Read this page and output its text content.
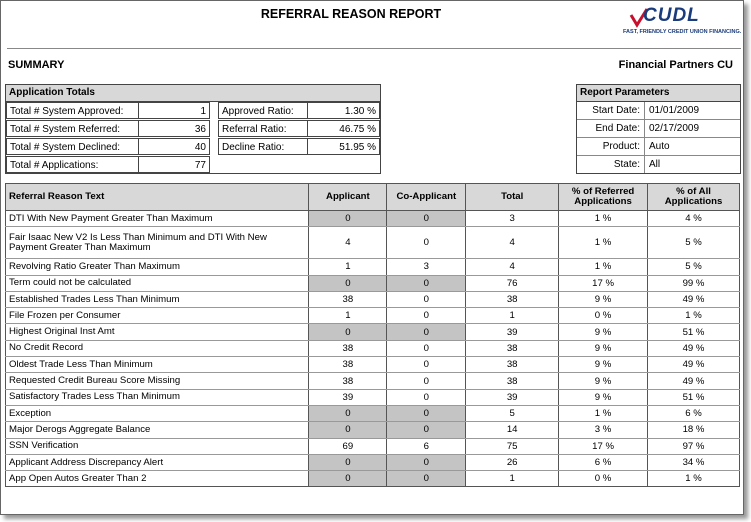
REFERRAL REASON REPORT	CUDL
FAST, FRIENDLY CREDIT UNION FINANCING.
SUMMARY	Financial Partners CU
Application Totals
Total # System Approved:	1
Total # System Referred:	36
Total # System Declined:	40
Total # Applications:	77
Approved Ratio:	1.30 %
Referral Ratio:	46.75 %
Decline Ratio:	51.95 %
Report Parameters
Start Date: 01/01/2009
End Date: 02/17/2009
Product: Auto
State: All
Referral Reason Text	Applicant	Co-Applicant	Total	% of Referred Applications	% of All Applications
DTI With New Payment Greater Than Maximum	0	0	3	1 %	4 %
Fair Isaac New V2 Is Less Than Minimum and DTI With New Payment Greater Than Maximum	4	0	4	1 %	5 %
Revolving Ratio Greater Than Maximum	1	3	4	1 %	5 %
Term could not be calculated	0	0	76	17 %	99 %
Established Trades Less Than Minimum	38	0	38	9 %	49 %
File Frozen per Consumer	1	0	1	0 %	1 %
Highest Original Inst Amt	0	0	39	9 %	51 %
No Credit Record	38	0	38	9 %	49 %
Oldest Trade Less Than Minimum	38	0	38	9 %	49 %
Requested Credit Bureau Score Missing	38	0	38	9 %	49 %
Satisfactory Trades Less Than Minimum	39	0	39	9 %	51 %
Exception	0	0	5	1 %	6 %
Major Derogs Aggregate Balance	0	0	14	3 %	18 %
SSN Verification	69	6	75	17 %	97 %
Applicant Address Discrepancy Alert	0	0	26	6 %	34 %
App Open Autos Greater Than 2	0	0	1	0 %	1 %
